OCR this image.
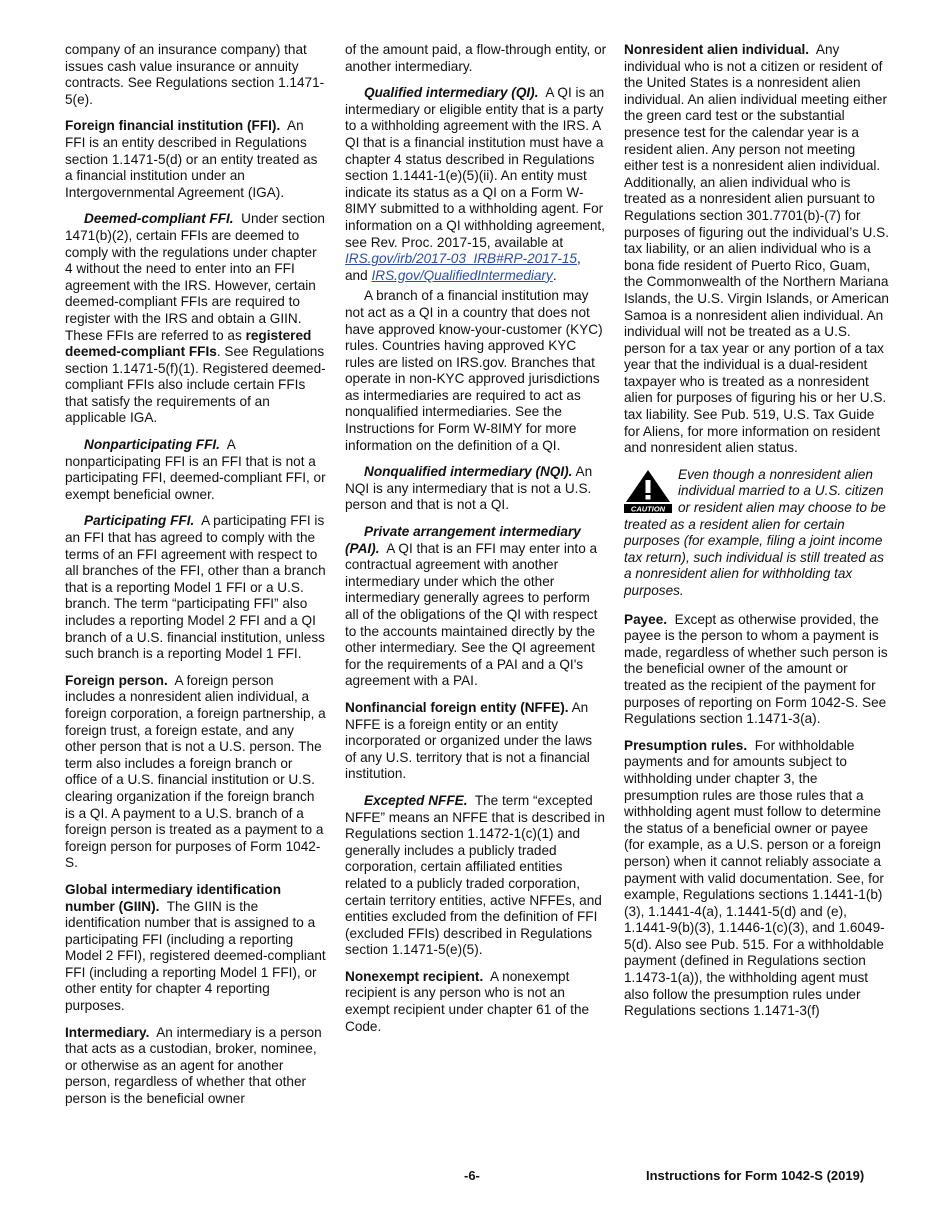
company of an insurance company) that issues cash value insurance or annuity contracts. See Regulations section 1.1471-5(e).

Foreign financial institution (FFI). An FFI is an entity described in Regulations section 1.1471-5(d) or an entity treated as a financial institution under an Intergovernmental Agreement (IGA).

Deemed-compliant FFI. Under section 1471(b)(2), certain FFIs are deemed to comply with the regulations under chapter 4 without the need to enter into an FFI agreement with the IRS. However, certain deemed-compliant FFIs are required to register with the IRS and obtain a GIIN. These FFIs are referred to as registered deemed-compliant FFIs. See Regulations section 1.1471-5(f)(1). Registered deemed-compliant FFIs also include certain FFIs that satisfy the requirements of an applicable IGA.

Nonparticipating FFI. A nonparticipating FFI is an FFI that is not a participating FFI, deemed-compliant FFI, or exempt beneficial owner.

Participating FFI. A participating FFI is an FFI that has agreed to comply with the terms of an FFI agreement with respect to all branches of the FFI, other than a branch that is a reporting Model 1 FFI or a U.S. branch. The term “participating FFI” also includes a reporting Model 2 FFI and a QI branch of a U.S. financial institution, unless such branch is a reporting Model 1 FFI.

Foreign person. A foreign person includes a nonresident alien individual, a foreign corporation, a foreign partnership, a foreign trust, a foreign estate, and any other person that is not a U.S. person. The term also includes a foreign branch or office of a U.S. financial institution or U.S. clearing organization if the foreign branch is a QI. A payment to a U.S. branch of a foreign person is treated as a payment to a foreign person for purposes of Form 1042-S.

Global intermediary identification number (GIIN). The GIIN is the identification number that is assigned to a participating FFI (including a reporting Model 2 FFI), registered deemed-compliant FFI (including a reporting Model 1 FFI), or other entity for chapter 4 reporting purposes.

Intermediary. An intermediary is a person that acts as a custodian, broker, nominee, or otherwise as an agent for another person, regardless of whether that other person is the beneficial owner

of the amount paid, a flow-through entity, or another intermediary.

Qualified intermediary (QI). A QI is an intermediary or eligible entity that is a party to a withholding agreement with the IRS. A QI that is a financial institution must have a chapter 4 status described in Regulations section 1.1441-1(e)(5)(ii). An entity must indicate its status as a QI on a Form W-8IMY submitted to a withholding agent. For information on a QI withholding agreement, see Rev. Proc. 2017-15, available at IRS.gov/irb/2017-03_IRB#RP-2017-15, and IRS.gov/QualifiedIntermediary.

A branch of a financial institution may not act as a QI in a country that does not have approved know-your-customer (KYC) rules. Countries having approved KYC rules are listed on IRS.gov. Branches that operate in non-KYC approved jurisdictions as intermediaries are required to act as nonqualified intermediaries. See the Instructions for Form W-8IMY for more information on the definition of a QI.

Nonqualified intermediary (NQI). An NQI is any intermediary that is not a U.S. person and that is not a QI.

Private arrangement intermediary (PAI). A QI that is an FFI may enter into a contractual agreement with another intermediary under which the other intermediary generally agrees to perform all of the obligations of the QI with respect to the accounts maintained directly by the other intermediary. See the QI agreement for the requirements of a PAI and a QI's agreement with a PAI.

Nonfinancial foreign entity (NFFE). An NFFE is a foreign entity or an entity incorporated or organized under the laws of any U.S. territory that is not a financial institution.

Excepted NFFE. The term “excepted NFFE” means an NFFE that is described in Regulations section 1.1472-1(c)(1) and generally includes a publicly traded corporation, certain affiliated entities related to a publicly traded corporation, certain territory entities, active NFFEs, and entities excluded from the definition of FFI (excluded FFIs) described in Regulations section 1.1471-5(e)(5).

Nonexempt recipient. A nonexempt recipient is any person who is not an exempt recipient under chapter 61 of the Code.

Nonresident alien individual. Any individual who is not a citizen or resident of the United States is a nonresident alien individual. An alien individual meeting either the green card test or the substantial presence test for the calendar year is a resident alien. Any person not meeting either test is a nonresident alien individual. Additionally, an alien individual who is treated as a nonresident alien pursuant to Regulations section 301.7701(b)-(7) for purposes of figuring out the individual’s U.S. tax liability, or an alien individual who is a bona fide resident of Puerto Rico, Guam, the Commonwealth of the Northern Mariana Islands, the U.S. Virgin Islands, or American Samoa is a nonresident alien individual. An individual will not be treated as a U.S. person for a tax year or any portion of a tax year that the individual is a dual-resident taxpayer who is treated as a nonresident alien for purposes of figuring his or her U.S. tax liability. See Pub. 519, U.S. Tax Guide for Aliens, for more information on resident and nonresident alien status.

CAUTION
Even though a nonresident alien individual married to a U.S. citizen or resident alien may choose to be treated as a resident alien for certain purposes (for example, filing a joint income tax return), such individual is still treated as a nonresident alien for withholding tax purposes.

Payee. Except as otherwise provided, the payee is the person to whom a payment is made, regardless of whether such person is the beneficial owner of the amount or treated as the recipient of the payment for purposes of reporting on Form 1042-S. See Regulations section 1.1471-3(a).

Presumption rules. For withholdable payments and for amounts subject to withholding under chapter 3, the presumption rules are those rules that a withholding agent must follow to determine the status of a beneficial owner or payee (for example, as a U.S. person or a foreign person) when it cannot reliably associate a payment with valid documentation. See, for example, Regulations sections 1.1441-1(b)(3), 1.1441-4(a), 1.1441-5(d) and (e), 1.1441-9(b)(3), 1.1446-1(c)(3), and 1.6049-5(d). Also see Pub. 515. For a withholdable payment (defined in Regulations section 1.1473-1(a)), the withholding agent must also follow the presumption rules under Regulations sections 1.1471-3(f)

-6-	Instructions for Form 1042-S (2019)
